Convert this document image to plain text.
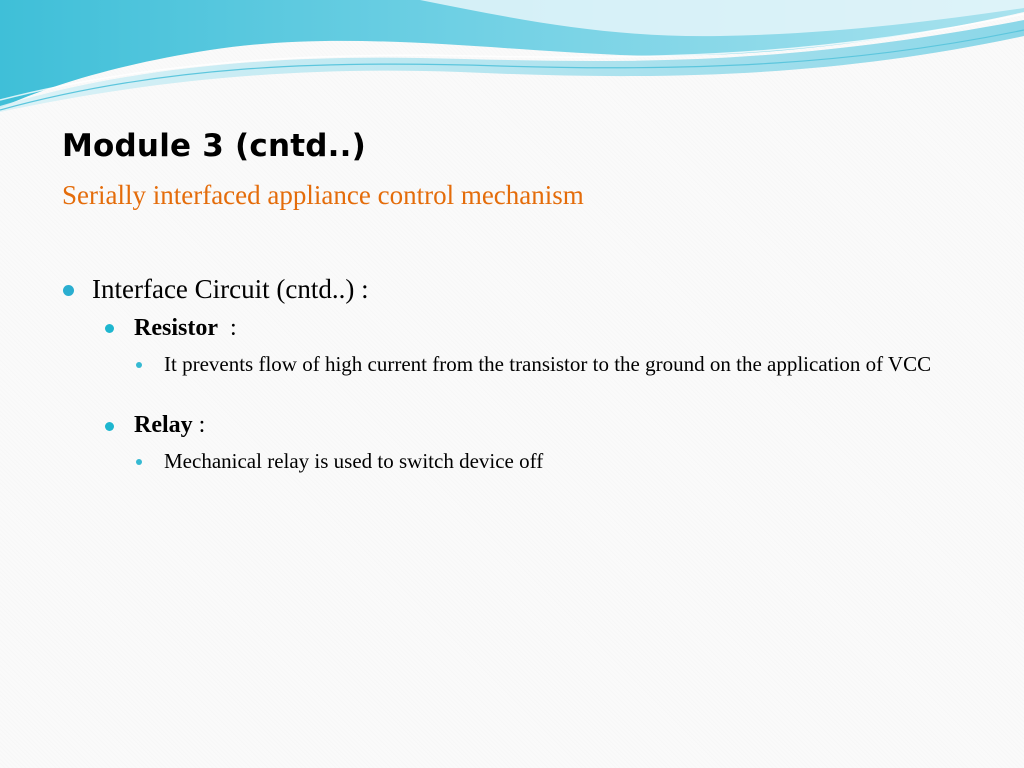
Module 3 (cntd..)
Serially interfaced appliance control mechanism
Interface Circuit (cntd..) :
Resistor  :
It prevents flow of high current from the transistor to the ground on the application of VCC
Relay :
Mechanical relay is used to switch device off
